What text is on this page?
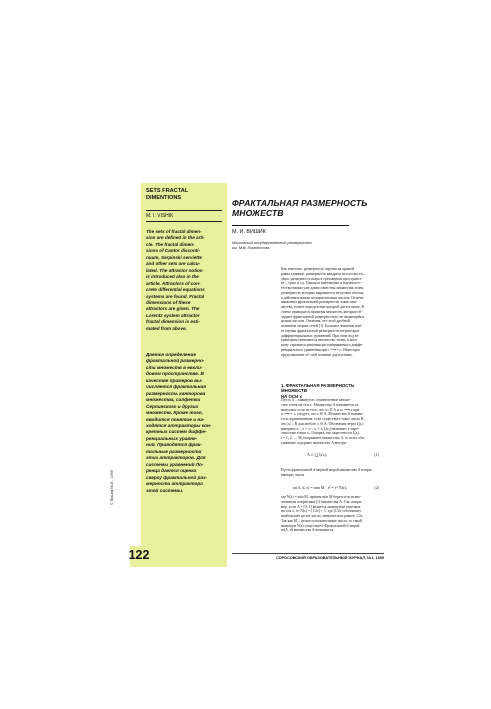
SETS FRACTAL
DIMENTIONS
M. I. VISHIK
The sets of fractal dimen-
sion are defined in the arti-
cle. The fractal dimen-
sions of Cantor disconti-
nuum, Serpinski serviette
and other sets are calcu-
lated. The attractor notion
is introduced also in the
article. Attractors of con-
crete differential equations
systems are found. Fractal
dimensions of these
attractors are given. The
Lorentz system attractor
fractal dimension is esti-
mated from above.
Дается определение
фрактальной размерно-
сти множеств в евкли-
довом пространстве. В
качестве примеров вы-
числяется фрактальная
размерность канторова
множества, салфетки
Серпинского и других
множеств. Кроме того,
вводится понятие и на-
ходятся аттракторы кон-
кретных систем диффе-
ренциальных уравне-
ний. Приводятся фрак-
тальные размерности
этих аттракторов. Для
системы уравнений Ло-
ренца дается оценка
сверху фрактальной раз-
мерности аттрактора
этой системы.
122
© Вишик М.И., 1999
ФРАКТАЛЬНАЯ РАЗМЕРНОСТЬ
МНОЖЕСТВ
М. И. ВИШИК
Московский государственный университет
им. М.В. Ломоносова
Как известно, размерность отрезка на прямой
равна единице, размерность квадрата на плоскости –
двум, размерность шара в трехмерном пространст-
ве – трем и т.д. Однако в математике и научном ес-
тествознании уже давно известны множества точек,
размерность которых выражается не целым числом,
а действительным положительным числом. Отмети-
выявлены фрактальной размерности такие мно-
жества, точнее определение которой дается ниже. В
статье приводятся примеры множеств, которые об-
ладают фрактальной размерностью, не являющейся
целым числом. Отметим, что этой дробной
понятием теории сетей [1]. Большое значение име-
ет оценка фрактальной размерности аттракторов
дифференциальных уравнений. При этом под ат-
трактором понимается множество точек, к кото-
рому стремятся решения рассматриваемого диффе-
ренциального уравнения при t ⟶ +∞. Некоторое
представление об этой понятии дается ниже.
1. ФРАКТАЛЬНАЯ РАЗМЕРНОСТЬ МНОЖЕСТВ
НА ОСИ x
Пусть A – замкнутое, ограниченное множе-
ство точек на оси x. Множество A называется за-
мкнутым, если из того, что xₙ ∈ A и xₙ ⟶ x при
n ⟶ + ∞ следует, что x ∈ A. Множество A называ-
ется ограниченным, если существует такое число R,
что |x| ≤ R для любого x ∈ A. Обозначим через Iᵢ(εᵢ)
интервал xᵢ – ε < x < xᵢ + ε, Iᵢ(εᵢ) называют ε-окре-
стностью точки xᵢ. Говорят, что окрестности Iᵢ(εᵢ),
i = 1, 2, ..., M, покрывают множество A, если их объ-
единение содержит множество A внутри:
A ⊂ ⋃ Iᵢ(εᵢ),	(1)
Пусть фрактальной d-мерной мерой множества A покры-
вающих числа
m(A, d, ε) = min M · εᵈ = εᵈ N(ε),	(2)
где N(ε) = min M, причем min M берется по всево-
зможным покрытиям (1) множества A. Так, напри-
мер, если A = [0, 1] является замкнутым отрезком
на оси x, то N(ε) = [1/2ε] + 1, где [1/2ε] обозначает
наибольшее целое число, меньшее или равное 1/2ε.
Так как M – целые положительные числа, то такой
минимум N(ε) существует. Фрактальной d-мерой
m(A, d) множества A называется
СОРОСОВСКИЙ ОБРАЗОВАТЕЛЬНЫЙ ЖУРНАЛ, №1, 1999
